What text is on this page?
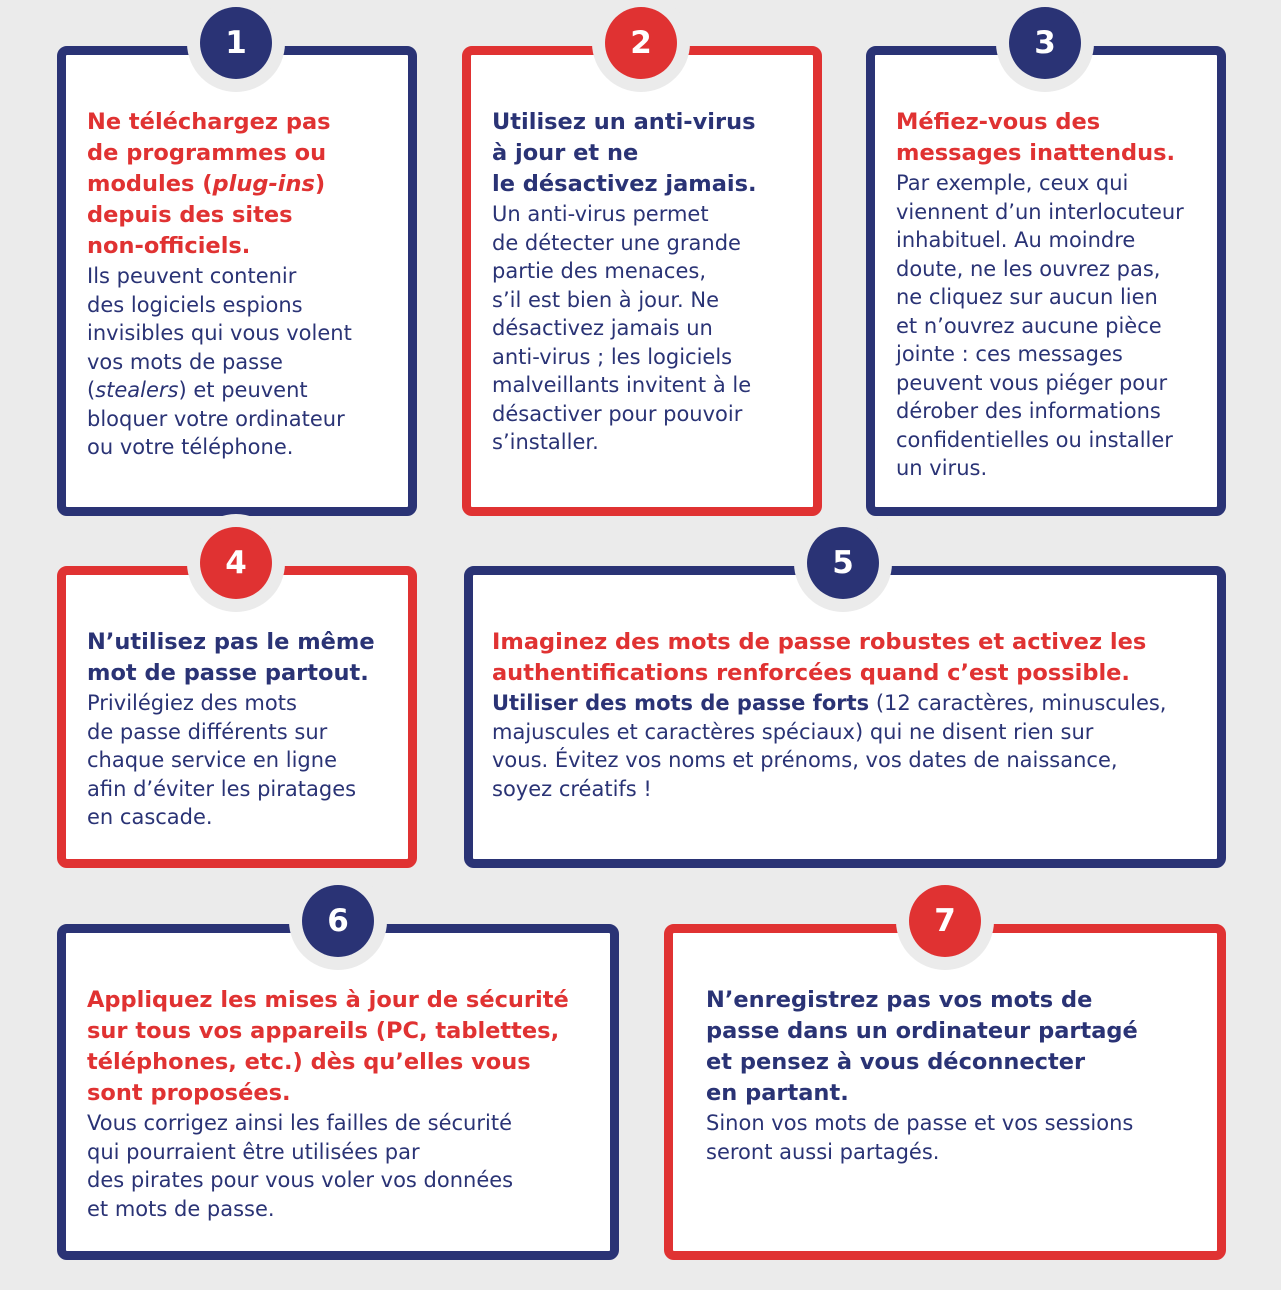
1

Ne téléchargez pas
de programmes ou
modules (plug-ins)
depuis des sites
non-officiels.

Ils peuvent contenir
des logiciels espions
invisibles qui vous volent
vos mots de passe
(stealers) et peuvent
bloquer votre ordinateur
ou votre téléphone.

2

Utilisez un anti-virus
à jour et ne
le désactivez jamais.

Un anti-virus permet
de détecter une grande
partie des menaces,
s’il est bien à jour. Ne
désactivez jamais un
anti-virus ; les logiciels
malveillants invitent à le
désactiver pour pouvoir
s’installer.

3

Méfiez-vous des
messages inattendus.

Par exemple, ceux qui
viennent d’un interlocuteur
inhabituel. Au moindre
doute, ne les ouvrez pas,
ne cliquez sur aucun lien
et n’ouvrez aucune pièce
jointe : ces messages
peuvent vous piéger pour
dérober des informations
confidentielles ou installer
un virus.

4

N’utilisez pas le même
mot de passe partout.

Privilégiez des mots
de passe différents sur
chaque service en ligne
afin d’éviter les piratages
en cascade.

5

Imaginez des mots de passe robustes et activez les
authentifications renforcées quand c’est possible.

Utiliser des mots de passe forts (12 caractères, minuscules,
majuscules et caractères spéciaux) qui ne disent rien sur
vous. Évitez vos noms et prénoms, vos dates de naissance,
soyez créatifs !

6

Appliquez les mises à jour de sécurité
sur tous vos appareils (PC, tablettes,
téléphones, etc.) dès qu’elles vous
sont proposées.

Vous corrigez ainsi les failles de sécurité
qui pourraient être utilisées par
des pirates pour vous voler vos données
et mots de passe.

7

N’enregistrez pas vos mots de
passe dans un ordinateur partagé
et pensez à vous déconnecter
en partant.

Sinon vos mots de passe et vos sessions
seront aussi partagés.
